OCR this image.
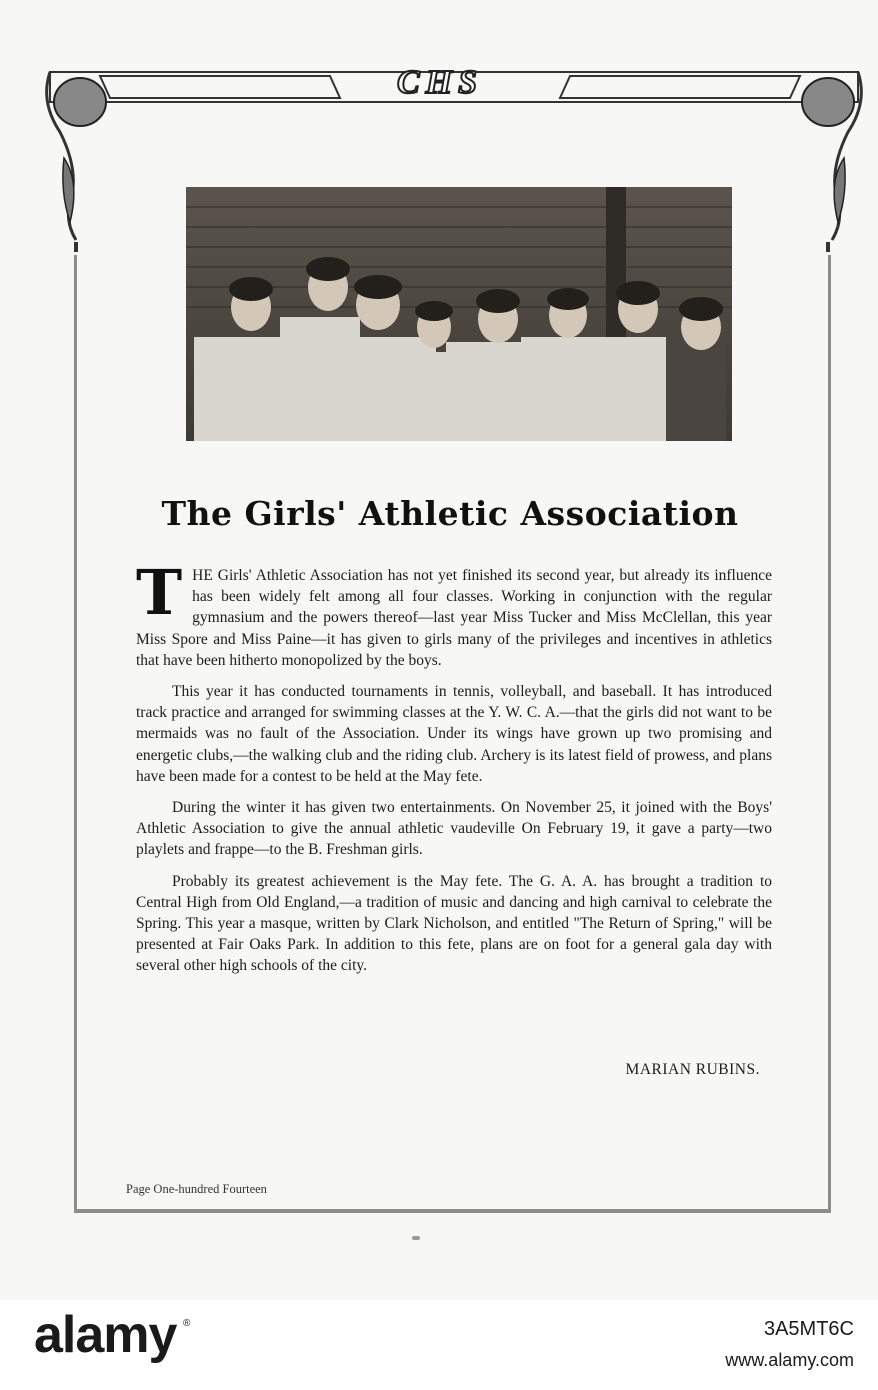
CHS
The Girls' Athletic Association

THE Girls' Athletic Association has not yet finished its second year, but already its influence has been widely felt among all four classes. Working in conjunction with the regular gymnasium and the powers thereof—last year Miss Tucker and Miss McClellan, this year Miss Spore and Miss Paine—it has given to girls many of the privileges and incentives in athletics that have been hitherto monopolized by the boys.

This year it has conducted tournaments in tennis, volleyball, and baseball. It has introduced track practice and arranged for swimming classes at the Y. W. C. A.—that the girls did not want to be mermaids was no fault of the Association. Under its wings have grown up two promising and energetic clubs,—the walking club and the riding club. Archery is its latest field of prowess, and plans have been made for a contest to be held at the May fete.

During the winter it has given two entertainments. On November 25, it joined with the Boys' Athletic Association to give the annual athletic vaudeville On February 19, it gave a party—two playlets and frappe—to the B. Freshman girls.

Probably its greatest achievement is the May fete. The G. A. A. has brought a tradition to Central High from Old England,—a tradition of music and dancing and high carnival to celebrate the Spring. This year a masque, written by Clark Nicholson, and entitled "The Return of Spring," will be presented at Fair Oaks Park. In addition to this fete, plans are on foot for a general gala day with several other high schools of the city.

MARIAN RUBINS.
Page One-hundred Fourteen
alamy ®	3A5MT6C
www.alamy.com
